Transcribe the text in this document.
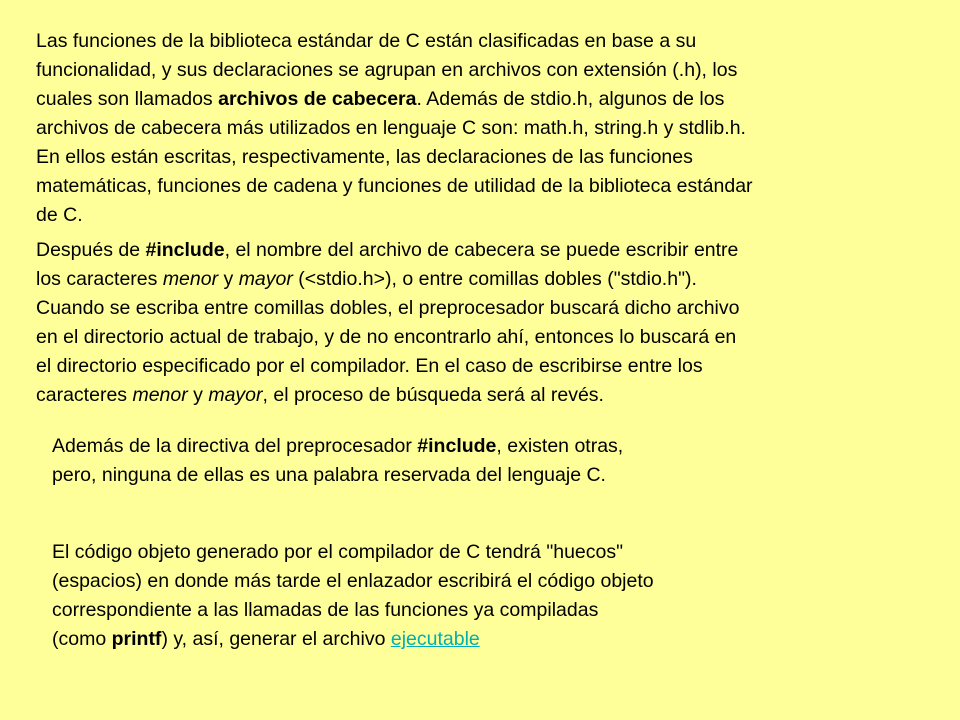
Las funciones de la biblioteca estándar de C están clasificadas en base a su
funcionalidad, y sus declaraciones se agrupan en archivos con extensión (.h), los
cuales son llamados archivos de cabecera. Además de stdio.h, algunos de los
archivos de cabecera más utilizados en lenguaje C son: math.h, string.h y stdlib.h.
En ellos están escritas, respectivamente, las declaraciones de las funciones
matemáticas, funciones de cadena y funciones de utilidad de la biblioteca estándar
de C.

Después de #include, el nombre del archivo de cabecera se puede escribir entre
los caracteres menor y mayor (<stdio.h>), o entre comillas dobles ("stdio.h").
Cuando se escriba entre comillas dobles, el preprocesador buscará dicho archivo
en el directorio actual de trabajo, y de no encontrarlo ahí, entonces lo buscará en
el directorio especificado por el compilador. En el caso de escribirse entre los
caracteres menor y mayor, el proceso de búsqueda será al revés.

Además de la directiva del preprocesador #include, existen otras,
pero, ninguna de ellas es una palabra reservada del lenguaje C.

El código objeto generado por el compilador de C tendrá "huecos"
(espacios) en donde más tarde el enlazador escribirá el código objeto
correspondiente a las llamadas de las funciones ya compiladas
(como printf) y, así, generar el archivo ejecutable
